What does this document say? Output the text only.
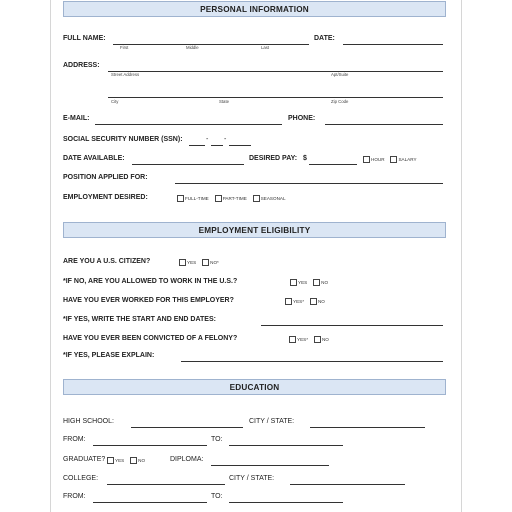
PERSONAL INFORMATION
FULL NAME:	DATE:
First	Middle	Last
ADDRESS:
Street Address	Apt/Suite
City	State	Zip Code
E-MAIL:	PHONE:
SOCIAL SECURITY NUMBER (SSN):	- -
DATE AVAILABLE:	DESIRED PAY: $	HOUR	SALARY
POSITION APPLIED FOR:
EMPLOYMENT DESIRED:	FULL-TIME	PART-TIME	SEASONAL
EMPLOYMENT ELIGIBILITY
ARE YOU A U.S. CITIZEN?	YES	NO*
*IF NO, ARE YOU ALLOWED TO WORK IN THE U.S.?	YES	NO
HAVE YOU EVER WORKED FOR THIS EMPLOYER?	YES*	NO
*IF YES, WRITE THE START AND END DATES:
HAVE YOU EVER BEEN CONVICTED OF A FELONY?	YES*	NO
*IF YES, PLEASE EXPLAIN:
EDUCATION
HIGH SCHOOL:	CITY / STATE:
FROM:	TO:
GRADUATE?	YES	NO	DIPLOMA:
COLLEGE:	CITY / STATE:
FROM:	TO:
